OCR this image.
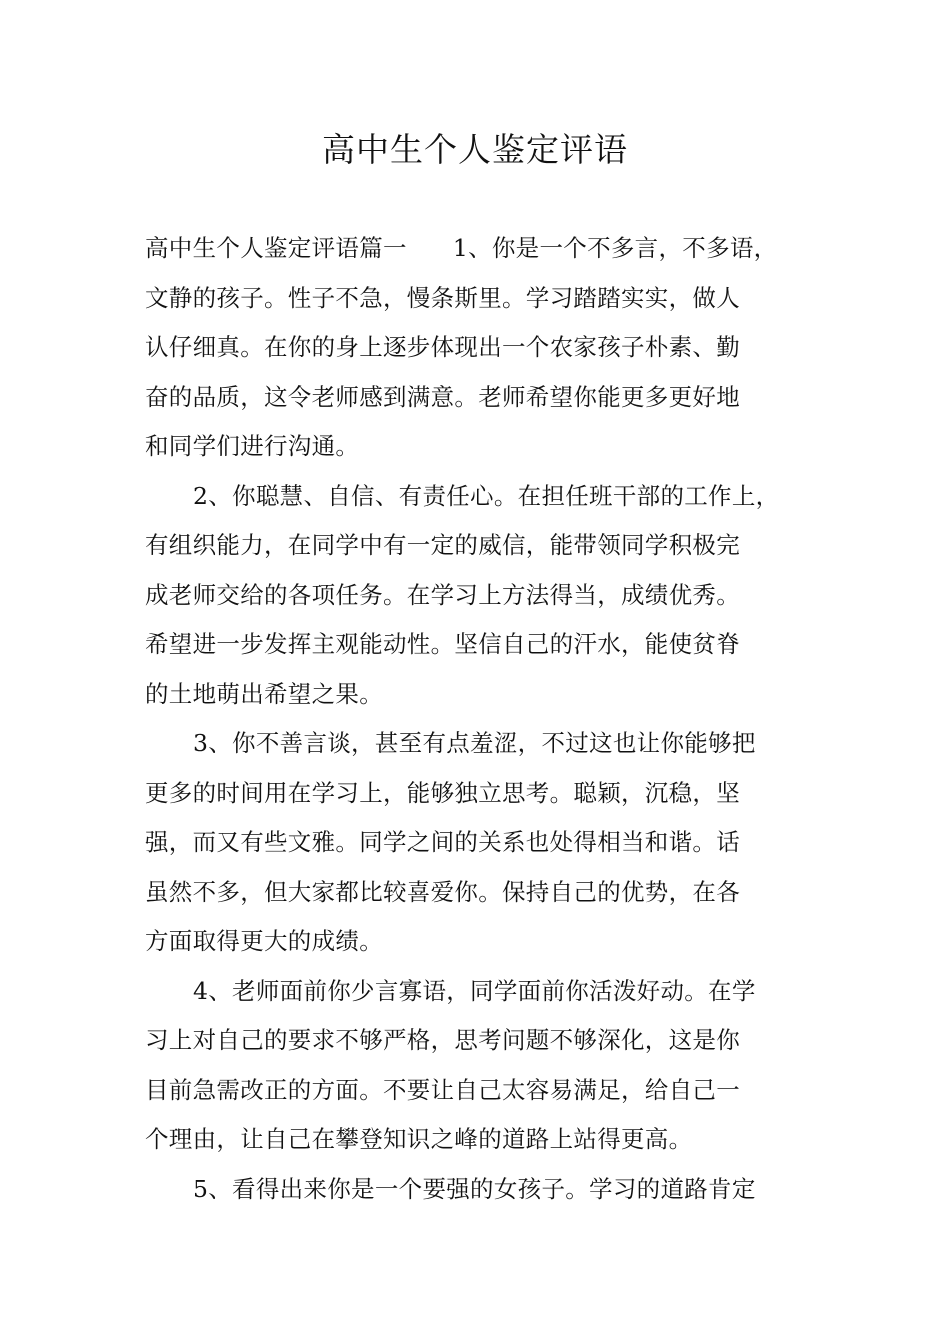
高中生个人鉴定评语
高中生个人鉴定评语篇一 1、你是一个不多言，不多语，
文静的孩子。性子不急，慢条斯里。学习踏踏实实，做人
认仔细真。在你的身上逐步体现出一个农家孩子朴素、勤
奋的品质，这令老师感到满意。老师希望你能更多更好地
和同学们进行沟通。
2、你聪慧、自信、有责任心。在担任班干部的工作上，
有组织能力，在同学中有一定的威信，能带领同学积极完
成老师交给的各项任务。在学习上方法得当，成绩优秀。
希望进一步发挥主观能动性。坚信自己的汗水，能使贫脊
的土地萌出希望之果。
3、你不善言谈，甚至有点羞涩，不过这也让你能够把
更多的时间用在学习上，能够独立思考。聪颖，沉稳，坚
强，而又有些文雅。同学之间的关系也处得相当和谐。话
虽然不多，但大家都比较喜爱你。保持自己的优势，在各
方面取得更大的成绩。
4、老师面前你少言寡语，同学面前你活泼好动。在学
习上对自己的要求不够严格，思考问题不够深化，这是你
目前急需改正的方面。不要让自己太容易满足，给自己一
个理由，让自己在攀登知识之峰的道路上站得更高。
5、看得出来你是一个要强的女孩子。学习的道路肯定
